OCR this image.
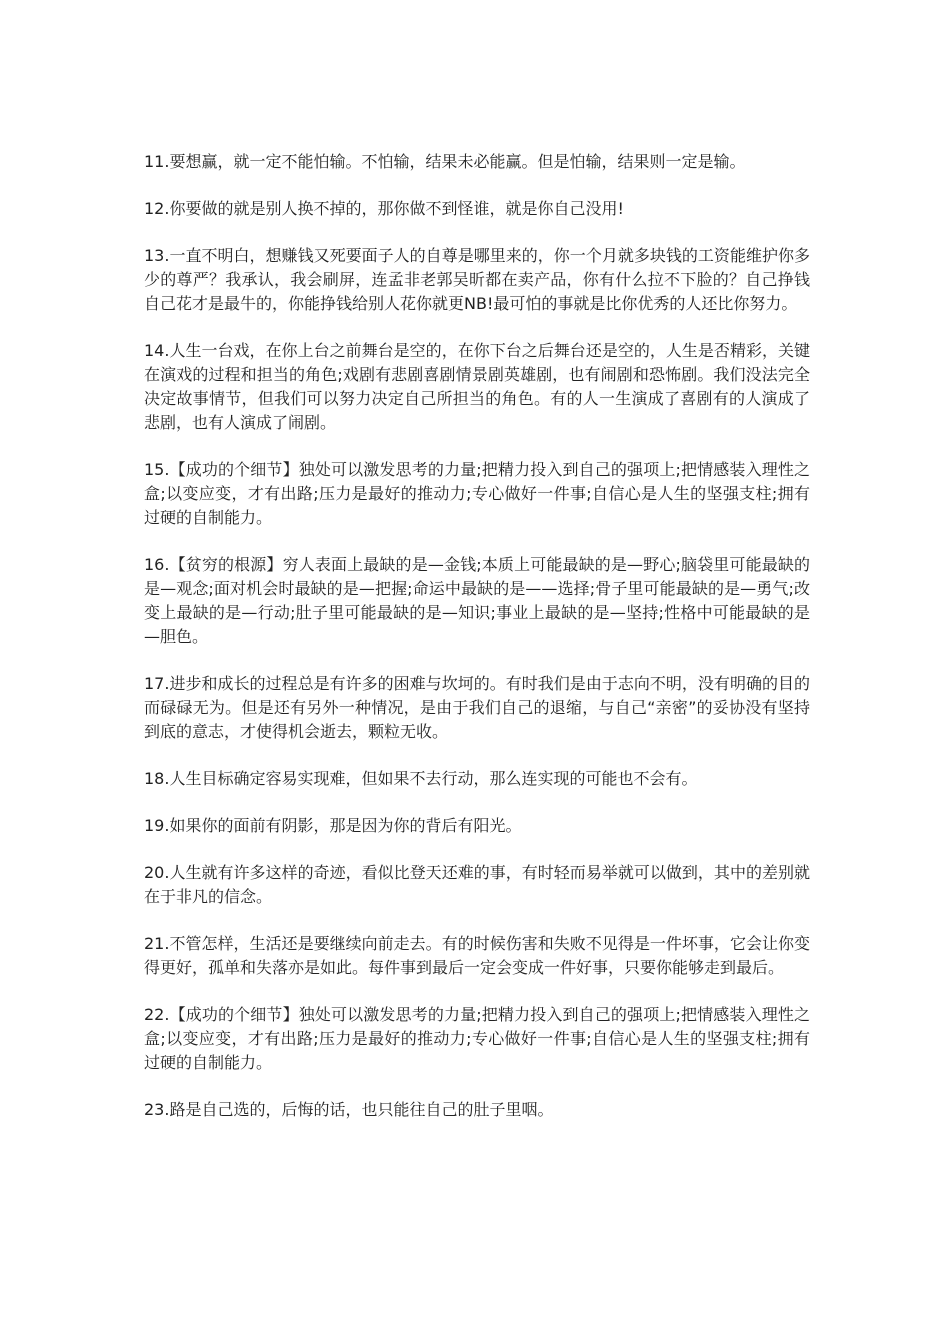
11.要想赢，就一定不能怕输。不怕输，结果未必能赢。但是怕输，结果则一定是输。

12.你要做的就是别人换不掉的，那你做不到怪谁，就是你自己没用!

13.一直不明白，想赚钱又死要面子人的自尊是哪里来的，你一个月就多块钱的工资能维护你多少的尊严？我承认，我会刷屏，连孟非老郭吴昕都在卖产品，你有什么拉不下脸的？自己挣钱自己花才是最牛的，你能挣钱给别人花你就更NB!最可怕的事就是比你优秀的人还比你努力。

14.人生一台戏，在你上台之前舞台是空的，在你下台之后舞台还是空的，人生是否精彩，关键在演戏的过程和担当的角色;戏剧有悲剧喜剧情景剧英雄剧，也有闹剧和恐怖剧。我们没法完全决定故事情节，但我们可以努力决定自己所担当的角色。有的人一生演成了喜剧有的人演成了悲剧，也有人演成了闹剧。

15.【成功的个细节】独处可以激发思考的力量;把精力投入到自己的强项上;把情感装入理性之盒;以变应变，才有出路;压力是最好的推动力;专心做好一件事;自信心是人生的坚强支柱;拥有过硬的自制能力。

16.【贫穷的根源】穷人表面上最缺的是—金钱;本质上可能最缺的是—野心;脑袋里可能最缺的是—观念;面对机会时最缺的是—把握;命运中最缺的是——选择;骨子里可能最缺的是—勇气;改变上最缺的是—行动;肚子里可能最缺的是—知识;事业上最缺的是—坚持;性格中可能最缺的是—胆色。

17.进步和成长的过程总是有许多的困难与坎坷的。有时我们是由于志向不明，没有明确的目的而碌碌无为。但是还有另外一种情况，是由于我们自己的退缩，与自己“亲密”的妥协没有坚持到底的意志，才使得机会逝去，颗粒无收。

18.人生目标确定容易实现难，但如果不去行动，那么连实现的可能也不会有。

19.如果你的面前有阴影，那是因为你的背后有阳光。

20.人生就有许多这样的奇迹，看似比登天还难的事，有时轻而易举就可以做到，其中的差别就在于非凡的信念。

21.不管怎样，生活还是要继续向前走去。有的时候伤害和失败不见得是一件坏事，它会让你变得更好，孤单和失落亦是如此。每件事到最后一定会变成一件好事，只要你能够走到最后。

22.【成功的个细节】独处可以激发思考的力量;把精力投入到自己的强项上;把情感装入理性之盒;以变应变，才有出路;压力是最好的推动力;专心做好一件事;自信心是人生的坚强支柱;拥有过硬的自制能力。

23.路是自己选的，后悔的话，也只能往自己的肚子里咽。
